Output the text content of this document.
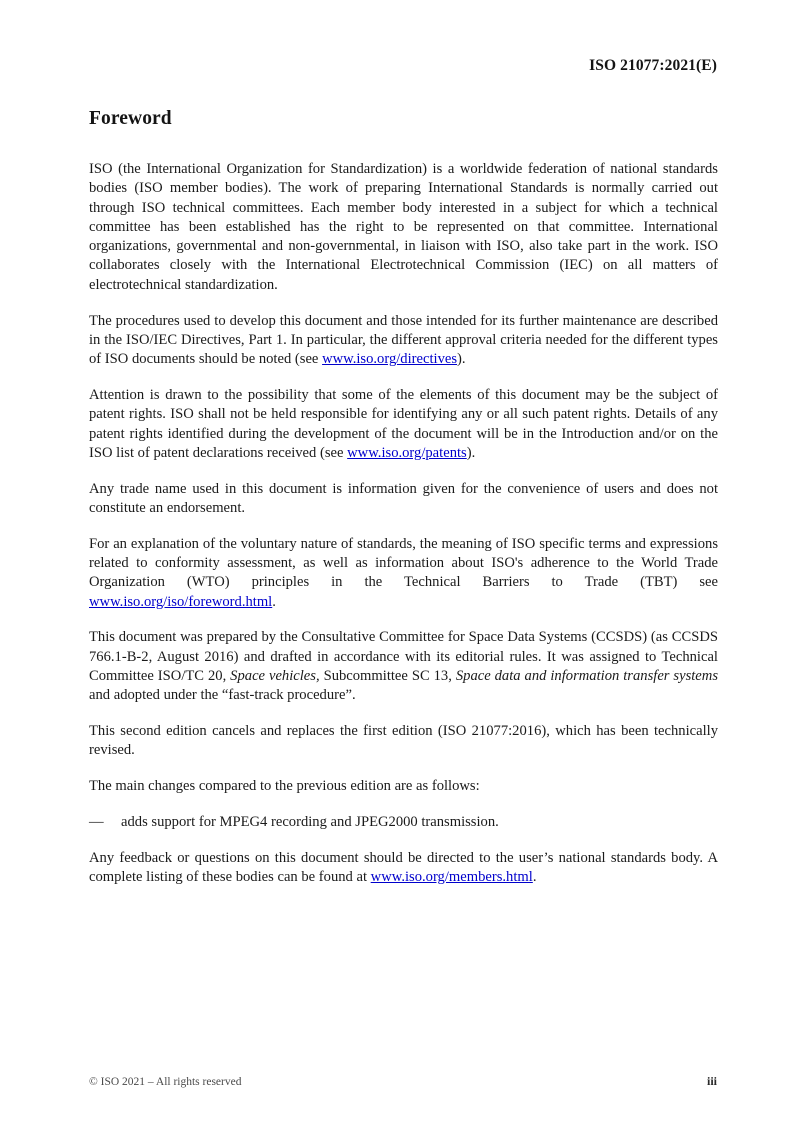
ISO 21077:2021(E)
Foreword

ISO (the International Organization for Standardization) is a worldwide federation of national standards bodies (ISO member bodies). The work of preparing International Standards is normally carried out through ISO technical committees. Each member body interested in a subject for which a technical committee has been established has the right to be represented on that committee. International organizations, governmental and non-governmental, in liaison with ISO, also take part in the work. ISO collaborates closely with the International Electrotechnical Commission (IEC) on all matters of electrotechnical standardization.

The procedures used to develop this document and those intended for its further maintenance are described in the ISO/IEC Directives, Part 1. In particular, the different approval criteria needed for the different types of ISO documents should be noted (see www.iso.org/directives).

Attention is drawn to the possibility that some of the elements of this document may be the subject of patent rights. ISO shall not be held responsible for identifying any or all such patent rights. Details of any patent rights identified during the development of the document will be in the Introduction and/or on the ISO list of patent declarations received (see www.iso.org/patents).

Any trade name used in this document is information given for the convenience of users and does not constitute an endorsement.

For an explanation of the voluntary nature of standards, the meaning of ISO specific terms and expressions related to conformity assessment, as well as information about ISO's adherence to the World Trade Organization (WTO) principles in the Technical Barriers to Trade (TBT) see www.iso.org/iso/foreword.html.

This document was prepared by the Consultative Committee for Space Data Systems (CCSDS) (as CCSDS 766.1-B-2, August 2016) and drafted in accordance with its editorial rules. It was assigned to Technical Committee ISO/TC 20, Space vehicles, Subcommittee SC 13, Space data and information transfer systems and adopted under the “fast-track procedure”.

This second edition cancels and replaces the first edition (ISO 21077:2016), which has been technically revised.

The main changes compared to the previous edition are as follows:

—	adds support for MPEG4 recording and JPEG2000 transmission.

Any feedback or questions on this document should be directed to the user’s national standards body. A complete listing of these bodies can be found at www.iso.org/members.html.

© ISO 2021 – All rights reserved	iii
